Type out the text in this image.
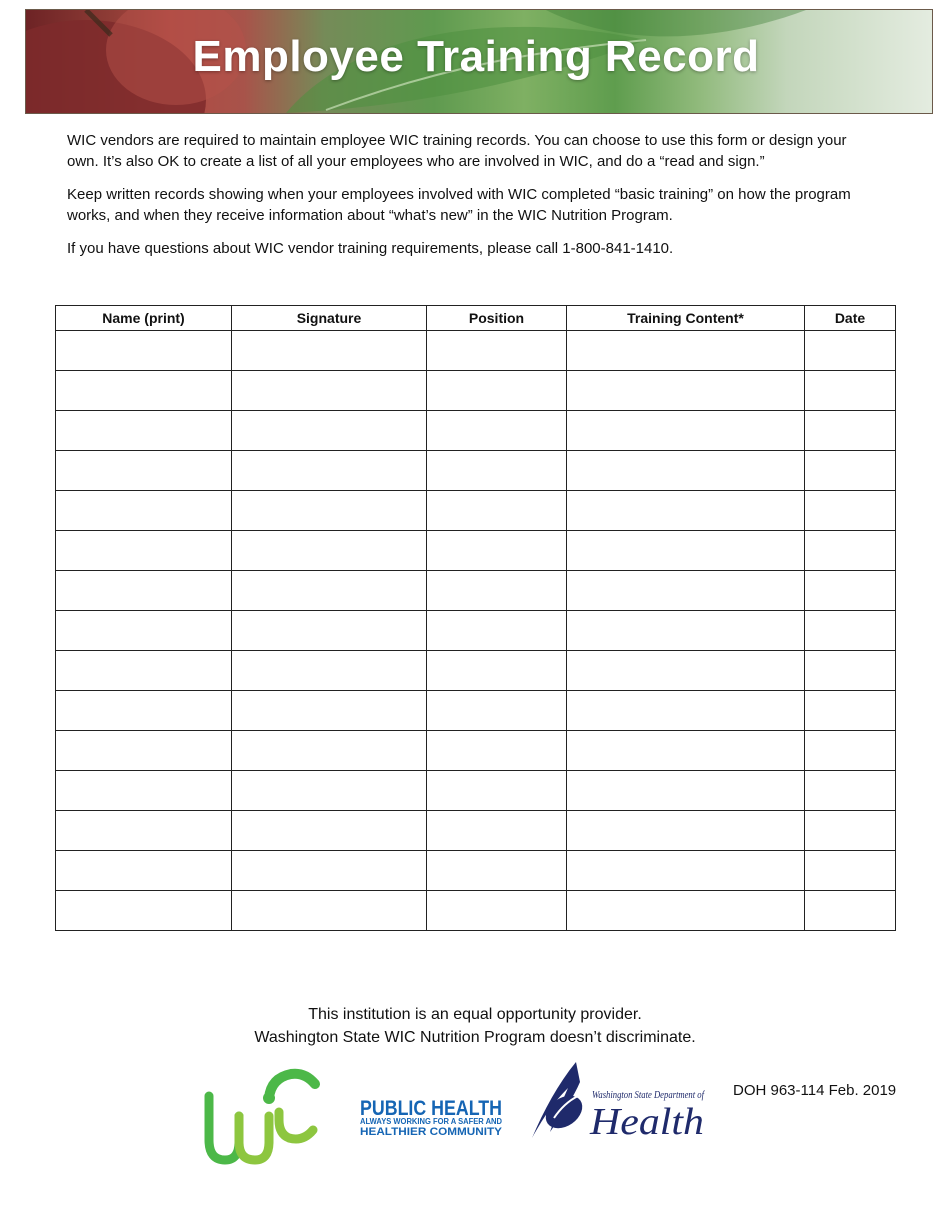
Employee Training Record

WIC vendors are required to maintain employee WIC training records. You can choose to use this form or design your own. It’s also OK to create a list of all your employees who are involved in WIC, and do a “read and sign.”

Keep written records showing when your employees involved with WIC completed “basic training” on how the program works, and when they receive information about “what’s new” in the WIC Nutrition Program.

If you have questions about WIC vendor training requirements, please call 1-800-841-1410.

Name (print)	Signature	Position	Training Content*	Date

This institution is an equal opportunity provider.
Washington State WIC Nutrition Program doesn’t discriminate.
PUBLIC HEALTH
ALWAYS WORKING FOR A SAFER AND
HEALTHIER COMMUNITY
Washington State Department of
Health
DOH 963-114 Feb. 2019
